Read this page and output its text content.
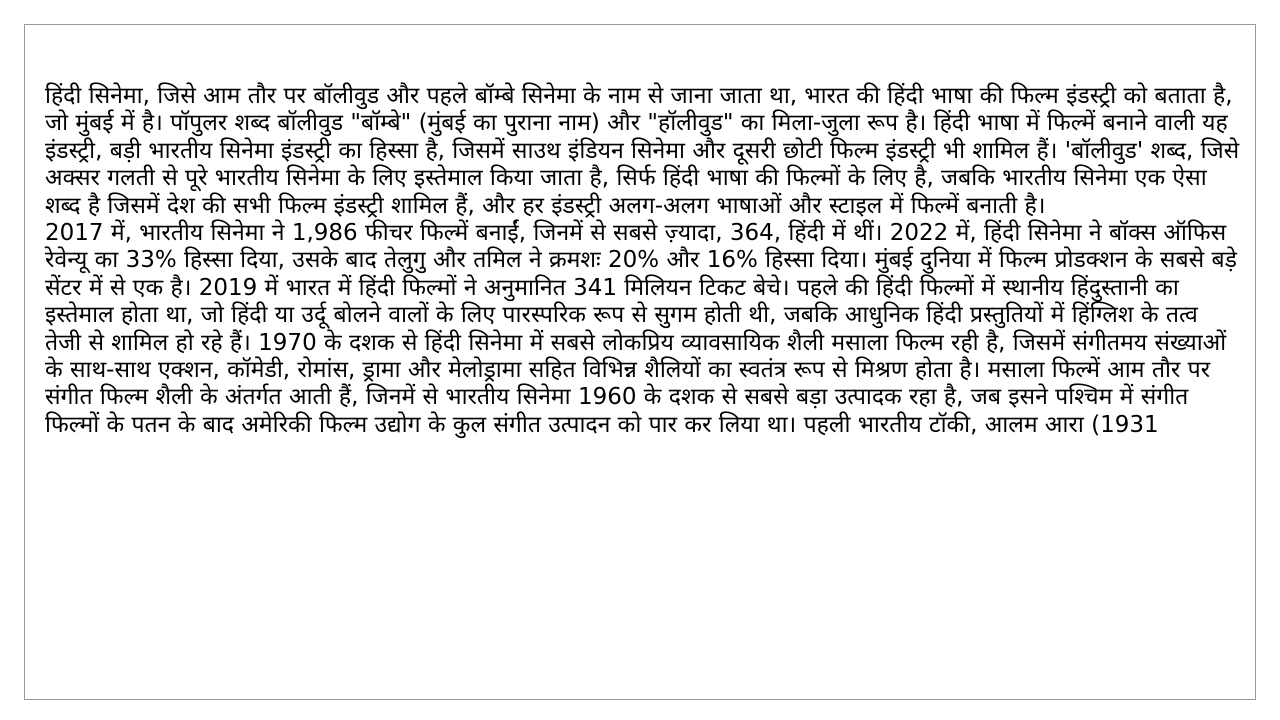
हिंदी सिनेमा, जिसे आम तौर पर बॉलीवुड और पहले बॉम्बे सिनेमा के नाम से जाना जाता था, भारत की हिंदी भाषा की फिल्म इंडस्ट्री को बताता है, जो मुंबई में है। पॉपुलर शब्द बॉलीवुड "बॉम्बे" (मुंबई का पुराना नाम) और "हॉलीवुड" का मिला-जुला रूप है। हिंदी भाषा में फिल्में बनाने वाली यह इंडस्ट्री, बड़ी भारतीय सिनेमा इंडस्ट्री का हिस्सा है, जिसमें साउथ इंडियन सिनेमा और दूसरी छोटी फिल्म इंडस्ट्री भी शामिल हैं। 'बॉलीवुड' शब्द, जिसे अक्सर गलती से पूरे भारतीय सिनेमा के लिए इस्तेमाल किया जाता है, सिर्फ हिंदी भाषा की फिल्मों के लिए है, जबकि भारतीय सिनेमा एक ऐसा शब्द है जिसमें देश की सभी फिल्म इंडस्ट्री शामिल हैं, और हर इंडस्ट्री अलग-अलग भाषाओं और स्टाइल में फिल्में बनाती है।

2017 में, भारतीय सिनेमा ने 1,986 फीचर फिल्में बनाईं, जिनमें से सबसे ज़्यादा, 364, हिंदी में थीं। 2022 में, हिंदी सिनेमा ने बॉक्स ऑफिस रेवेन्यू का 33% हिस्सा दिया, उसके बाद तेलुगु और तमिल ने क्रमशः 20% और 16% हिस्सा दिया। मुंबई दुनिया में फिल्म प्रोडक्शन के सबसे बड़े सेंटर में से एक है। 2019 में भारत में हिंदी फिल्मों ने अनुमानित 341 मिलियन टिकट बेचे। पहले की हिंदी फिल्मों में स्थानीय हिंदुस्तानी का इस्तेमाल होता था, जो हिंदी या उर्दू बोलने वालों के लिए पारस्परिक रूप से सुगम होती थी, जबकि आधुनिक हिंदी प्रस्तुतियों में हिंग्लिश के तत्व तेजी से शामिल हो रहे हैं। 1970 के दशक से हिंदी सिनेमा में सबसे लोकप्रिय व्यावसायिक शैली मसाला फिल्म रही है, जिसमें संगीतमय संख्याओं के साथ-साथ एक्शन, कॉमेडी, रोमांस, ड्रामा और मेलोड्रामा सहित विभिन्न शैलियों का स्वतंत्र रूप से मिश्रण होता है। मसाला फिल्में आम तौर पर संगीत फिल्म शैली के अंतर्गत आती हैं, जिनमें से भारतीय सिनेमा 1960 के दशक से सबसे बड़ा उत्पादक रहा है, जब इसने पश्चिम में संगीत फिल्मों के पतन के बाद अमेरिकी फिल्म उद्योग के कुल संगीत उत्पादन को पार कर लिया था। पहली भारतीय टॉकी, आलम आरा (1931
